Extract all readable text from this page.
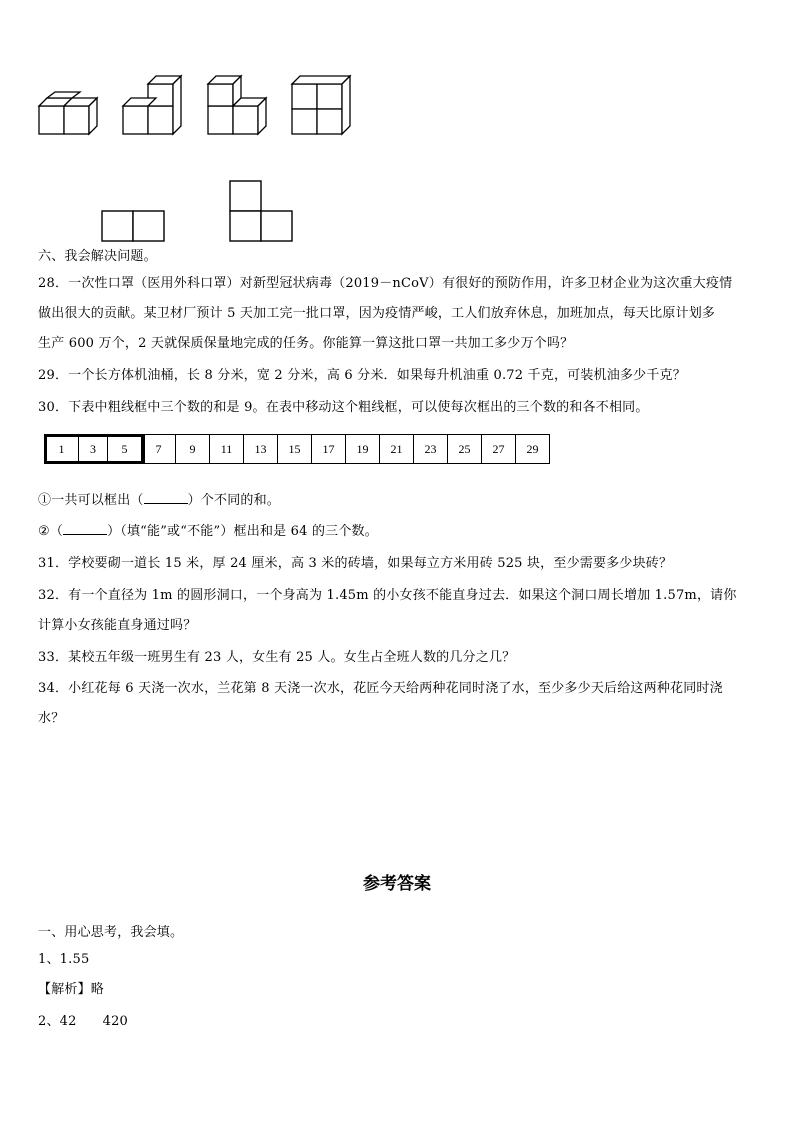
六、我会解决问题。
28．一次性口罩（医用外科口罩）对新型冠状病毒（2019－nCoV）有很好的预防作用，许多卫材企业为这次重大疫情
做出很大的贡献。某卫材厂预计 5 天加工完一批口罩，因为疫情严峻，工人们放弃休息，加班加点，每天比原计划多
生产 600 万个，2 天就保质保量地完成的任务。你能算一算这批口罩一共加工多少万个吗？
29．一个长方体机油桶，长 8 分米，宽 2 分米，高 6 分米．如果每升机油重 0.72 千克，可装机油多少千克？
30．下表中粗线框中三个数的和是 9。在表中移动这个粗线框，可以使每次框出的三个数的和各不相同。
1	3	5	7	9	11	13	15	17	19	21	23	25	27	29
①一共可以框出（	）个不同的和。
②（	）（填“能”或“不能”）框出和是 64 的三个数。
31．学校要砌一道长 15 米，厚 24 厘米，高 3 米的砖墙，如果每立方米用砖 525 块，至少需要多少块砖？
32．有一个直径为 1m 的圆形洞口，一个身高为 1.45m 的小女孩不能直身过去．如果这个洞口周长增加 1.57m，请你
计算小女孩能直身通过吗？
33．某校五年级一班男生有 23 人，女生有 25 人。女生占全班人数的几分之几？
34．小红花每 6 天浇一次水，兰花第 8 天浇一次水，花匠今天给两种花同时浇了水，至少多少天后给这两种花同时浇
水？
参考答案
一、用心思考，我会填。
1、1.55
【解析】略
2、42      420
